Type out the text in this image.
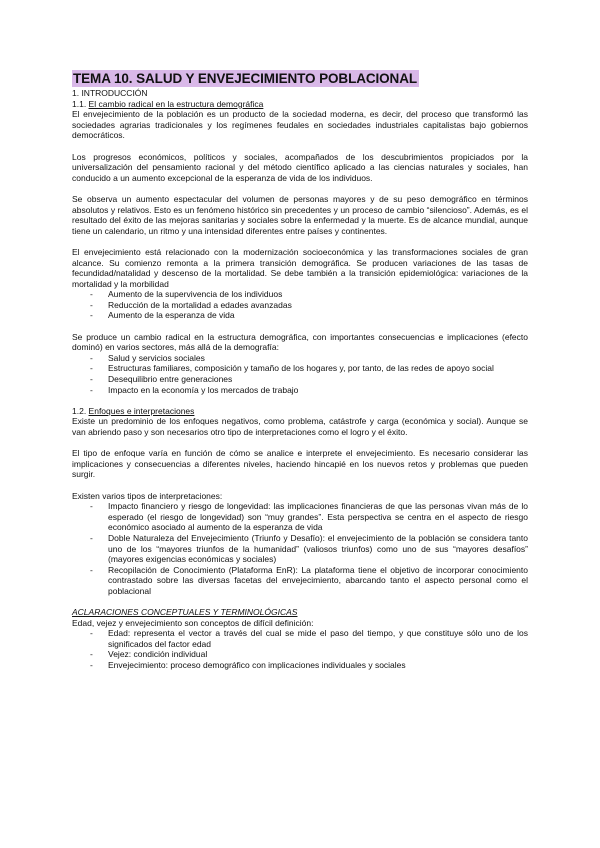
TEMA 10. SALUD Y ENVEJECIMIENTO POBLACIONAL
1. INTRODUCCIÓN
1.1. El cambio radical en la estructura demográfica

El envejecimiento de la población es un producto de la sociedad moderna, es decir, del proceso que transformó las sociedades agrarias tradicionales y los regímenes feudales en sociedades industriales capitalistas bajo gobiernos democráticos.

Los progresos económicos, políticos y sociales, acompañados de los descubrimientos propiciados por la universalización del pensamiento racional y del método científico aplicado a las ciencias naturales y sociales, han conducido a un aumento excepcional de la esperanza de vida de los individuos.

Se observa un aumento espectacular del volumen de personas mayores y de su peso demográfico en términos absolutos y relativos. Esto es un fenómeno histórico sin precedentes y un proceso de cambio “silencioso”. Además, es el resultado del éxito de las mejoras sanitarias y sociales sobre la enfermedad y la muerte. Es de alcance mundial, aunque tiene un calendario, un ritmo y una intensidad diferentes entre países y continentes.

El envejecimiento está relacionado con la modernización socioeconómica y las transformaciones sociales de gran alcance. Su comienzo remonta a la primera transición demográfica. Se producen variaciones de las tasas de fecundidad/natalidad y descenso de la mortalidad. Se debe también a la transición epidemiológica: variaciones de la mortalidad y la morbilidad

- Aumento de la supervivencia de los individuos
- Reducción de la mortalidad a edades avanzadas
- Aumento de la esperanza de vida

Se produce un cambio radical en la estructura demográfica, con importantes consecuencias e implicaciones (efecto dominó) en varios sectores, más allá de la demografía:

- Salud y servicios sociales
- Estructuras familiares, composición y tamaño de los hogares y, por tanto, de las redes de apoyo social
- Desequilibrio entre generaciones
- Impacto en la economía y los mercados de trabajo
1.2. Enfoques e interpretaciones

Existe un predominio de los enfoques negativos, como problema, catástrofe y carga (económica y social). Aunque se van abriendo paso y son necesarios otro tipo de interpretaciones como el logro y el éxito.

El tipo de enfoque varía en función de cómo se analice e interprete el envejecimiento. Es necesario considerar las implicaciones y consecuencias a diferentes niveles, haciendo hincapié en los nuevos retos y problemas que pueden surgir.

Existen varios tipos de interpretaciones:

- Impacto financiero y riesgo de longevidad: las implicaciones financieras de que las personas vivan más de lo esperado (el riesgo de longevidad) son “muy grandes”. Esta perspectiva se centra en el aspecto de riesgo económico asociado al aumento de la esperanza de vida
- Doble Naturaleza del Envejecimiento (Triunfo y Desafío): el envejecimiento de la población se considera tanto uno de los “mayores triunfos de la humanidad” (valiosos triunfos) como uno de sus “mayores desafíos” (mayores exigencias económicas y sociales)
- Recopilación de Conocimiento (Plataforma EnR): La plataforma tiene el objetivo de incorporar conocimiento contrastado sobre las diversas facetas del envejecimiento, abarcando tanto el aspecto personal como el poblacional

ACLARACIONES CONCEPTUALES Y TERMINOLÓGICAS

Edad, vejez y envejecimiento son conceptos de difícil definición:

- Edad: representa el vector a través del cual se mide el paso del tiempo, y que constituye sólo uno de los significados del factor edad
- Vejez: condición individual
- Envejecimiento: proceso demográfico con implicaciones individuales y sociales
